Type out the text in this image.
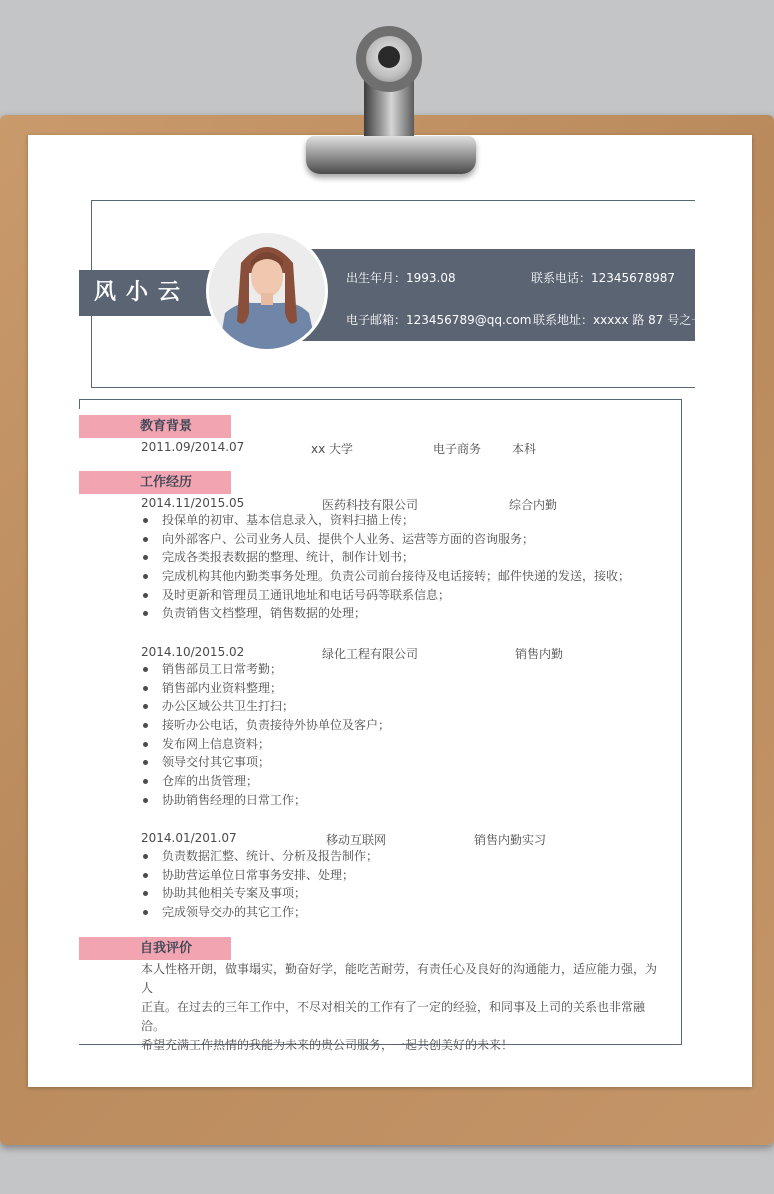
风小云
出生年月：1993.08	联系电话：12345678987
电子邮箱：123456789@qq.com 联系地址：xxxxx 路 87 号之一
教育背景
2011.09/2014.07	xx 大学	电子商务	本科
工作经历
2014.11/2015.05	医药科技有限公司	综合内勤
投保单的初审、基本信息录入，资料扫描上传；
向外部客户、公司业务人员、提供个人业务、运营等方面的咨询服务；
完成各类报表数据的整理、统计，制作计划书；
完成机构其他内勤类事务处理。负责公司前台接待及电话接转；邮件快递的发送，接收；
及时更新和管理员工通讯地址和电话号码等联系信息；
负责销售文档整理，销售数据的处理；
2014.10/2015.02	绿化工程有限公司	销售内勤
销售部员工日常考勤；
销售部内业资料整理；
办公区域公共卫生打扫；
接听办公电话，负责接待外协单位及客户；
发布网上信息资料；
领导交付其它事项；
仓库的出货管理；
协助销售经理的日常工作；
2014.01/201.07	移动互联网	销售内勤实习
负责数据汇整、统计、分析及报告制作；
协助营运单位日常事务安排、处理；
协助其他相关专案及事项；
完成领导交办的其它工作；
自我评价
本人性格开朗，做事塌实，勤奋好学，能吃苦耐劳，有责任心及良好的沟通能力，适应能力强，为人
正直。在过去的三年工作中，不尽对相关的工作有了一定的经验，和同事及上司的关系也非常融洽。
希望充满工作热情的我能为未来的贵公司服务，一起共创美好的未来！
